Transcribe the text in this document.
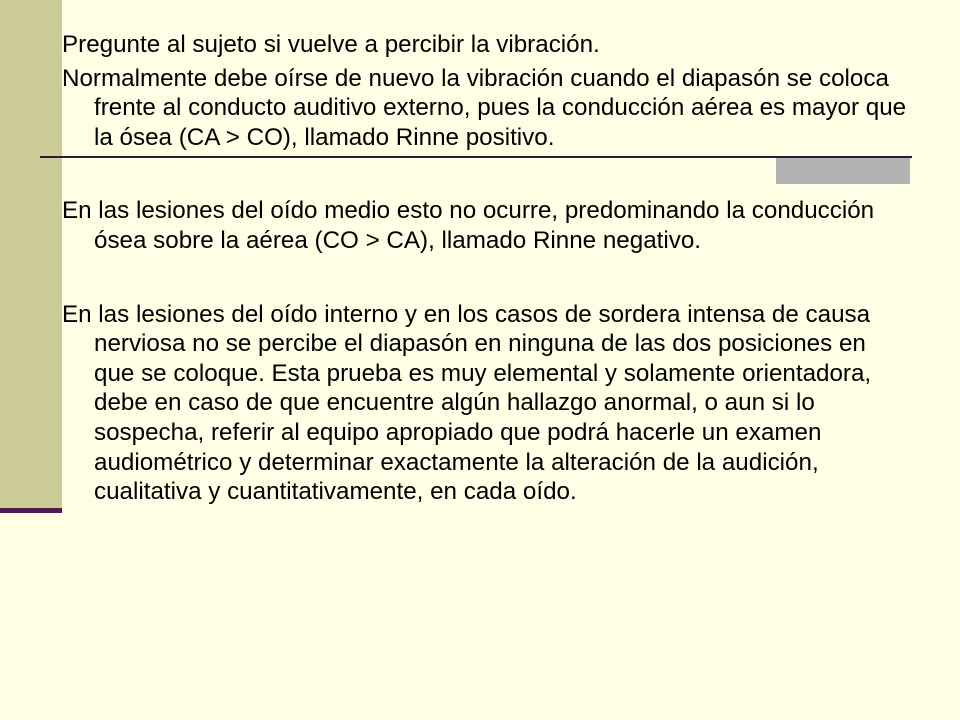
Pregunte al sujeto si vuelve a percibir la vibración.

Normalmente debe oírse de nuevo la vibración cuando el diapasón se coloca frente al conducto auditivo externo, pues la conducción aérea es mayor que la ósea (CA > CO), llamado Rinne positivo.

En las lesiones del oído medio esto no ocurre, predominando la conducción ósea sobre la aérea (CO > CA), llamado Rinne negativo.

En las lesiones del oído interno y en los casos de sordera intensa de causa nerviosa no se percibe el diapasón en ninguna de las dos posiciones en que se coloque. Esta prueba es muy elemental y solamente orientadora, debe en caso de que encuentre algún hallazgo anormal, o aun si lo sospecha, referir al equipo apropiado que podrá hacerle un examen audiométrico y determinar exactamente la alteración de la audición, cualitativa y cuantitativamente, en cada oído.
